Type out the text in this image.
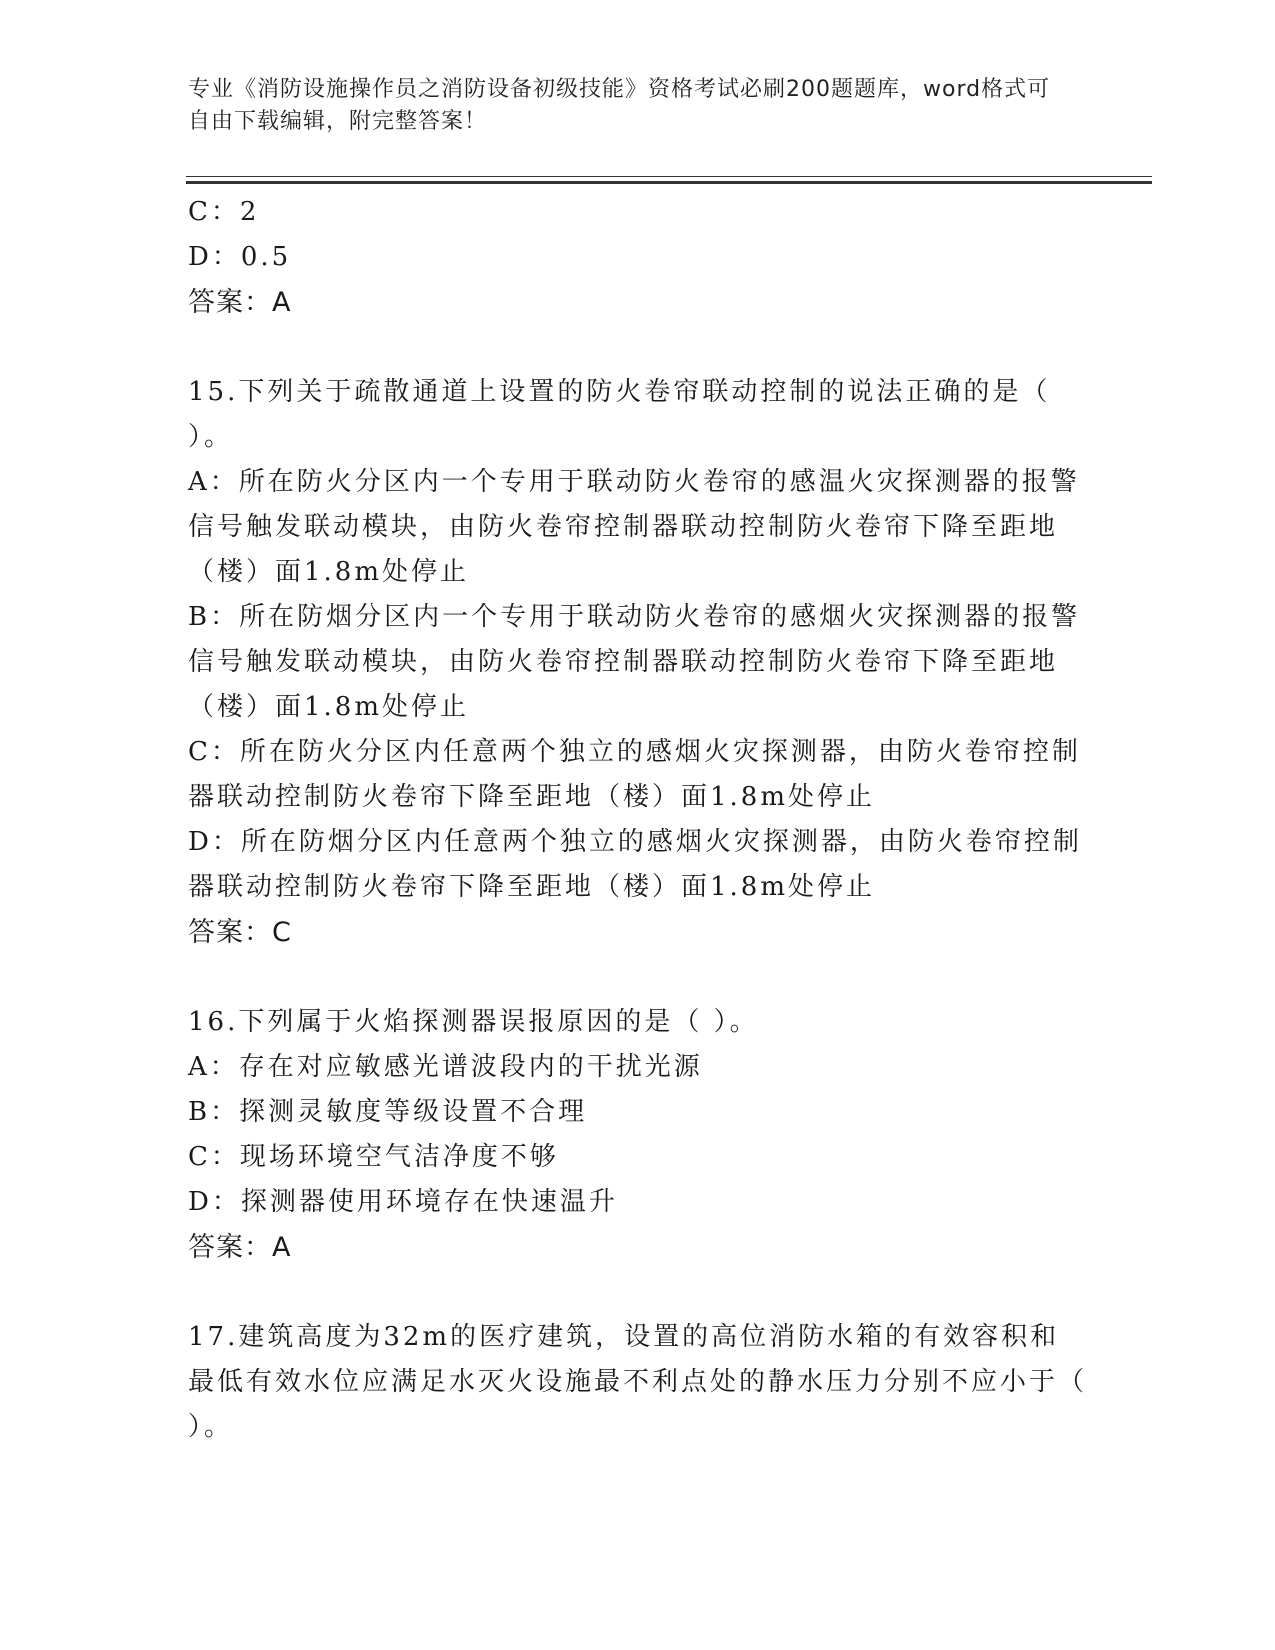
专业《消防设施操作员之消防设备初级技能》资格考试必刷200题题库，word格式可自由下载编辑，附完整答案！

C：2

D：0.5

答案：A

15.下列关于疏散通道上设置的防火卷帘联动控制的说法正确的是（ ）。

A：所在防火分区内一个专用于联动防火卷帘的感温火灾探测器的报警信号触发联动模块，由防火卷帘控制器联动控制防火卷帘下降至距地（楼）面1.8m处停止

B：所在防烟分区内一个专用于联动防火卷帘的感烟火灾探测器的报警信号触发联动模块，由防火卷帘控制器联动控制防火卷帘下降至距地（楼）面1.8m处停止

C：所在防火分区内任意两个独立的感烟火灾探测器，由防火卷帘控制器联动控制防火卷帘下降至距地（楼）面1.8m处停止

D：所在防烟分区内任意两个独立的感烟火灾探测器，由防火卷帘控制器联动控制防火卷帘下降至距地（楼）面1.8m处停止

答案：C

16.下列属于火焰探测器误报原因的是（ ）。

A：存在对应敏感光谱波段内的干扰光源

B：探测灵敏度等级设置不合理

C：现场环境空气洁净度不够

D：探测器使用环境存在快速温升

答案：A

17.建筑高度为32m的医疗建筑，设置的高位消防水箱的有效容积和最低有效水位应满足水灭火设施最不利点处的静水压力分别不应小于（ ）。
